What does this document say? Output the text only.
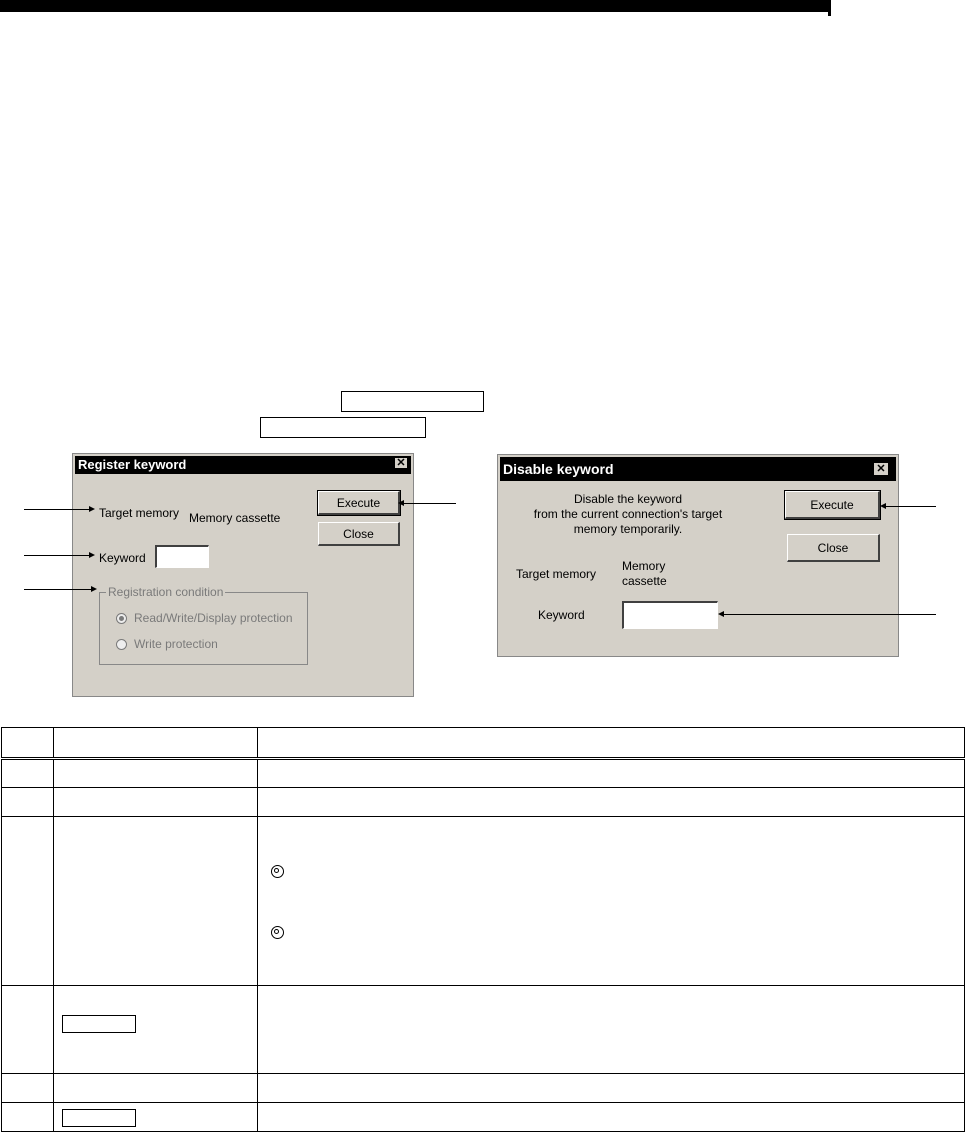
Register keyword	✕
Target memory Memory cassette
Keyword
Execute
Close
Registration condition
Read/Write/Display protection
Write protection
Disable keyword	✕
Disable the keyword
from the current connection's target
memory temporarily.
Target memory
Memory
cassette
Keyword
Execute
Close
